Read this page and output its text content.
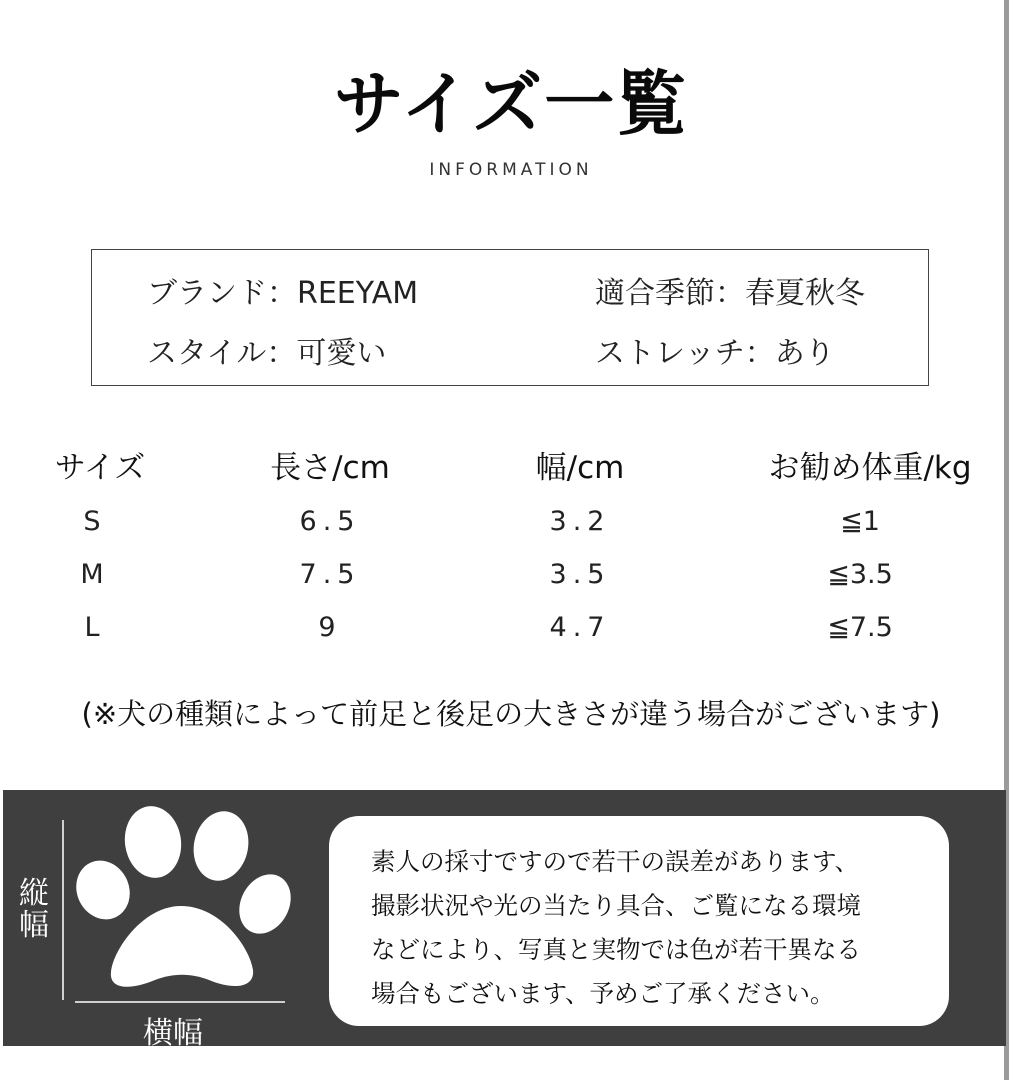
サイズ一覧
INFORMATION
ブランド ： REEYAM	適合季節 ： 春夏秋冬
スタイル ： 可愛い	ストレッチ ： あり
サイズ	長さ/cm	幅/cm	お勧め体重/kg
S	6.5	3.2	≦1
M	7.5	3.5	≦3.5
L	9	4.7	≦7.5
(※犬の種類によって前足と後足の大きさが違う場合がございます)
縦幅
横幅
素人の採寸ですので若干の誤差があります、
撮影状況や光の当たり具合、ご覧になる環境
などにより、写真と実物では色が若干異なる
場合もございます、予めご了承ください。
